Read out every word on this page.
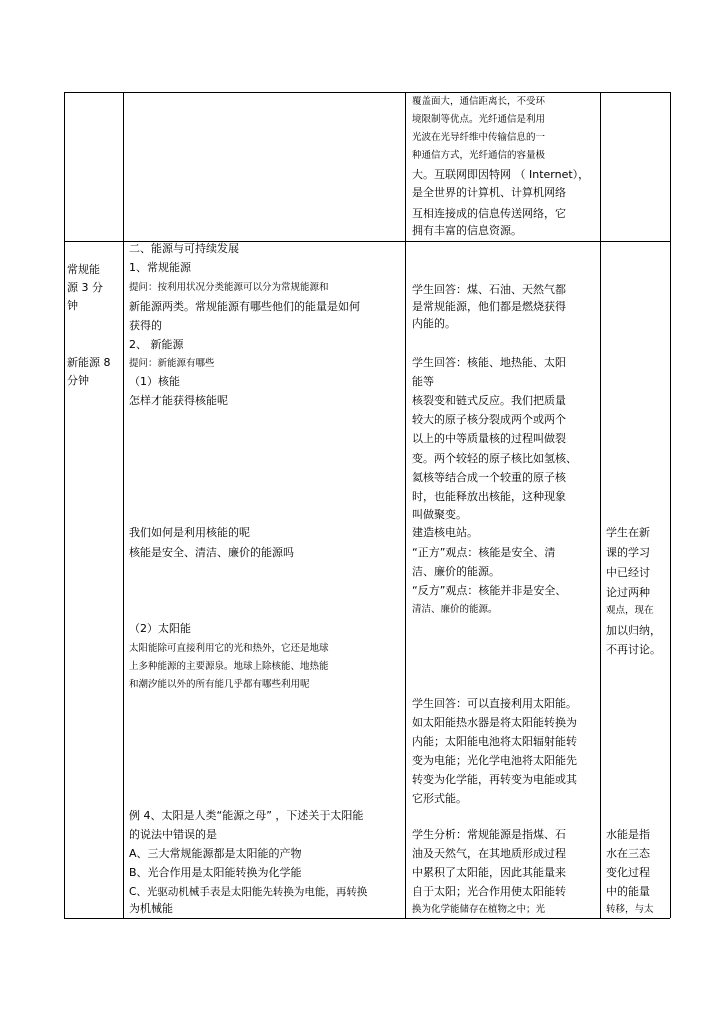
覆盖面大，通信距离长，不受环
境限制等优点。光纤通信是利用
光波在光导纤维中传输信息的一
种通信方式，光纤通信的容量极
大。互联网即因特网 （ Internet），
是全世界的计算机、计算机网络
互相连接成的信息传送网络，它
拥有丰富的信息资源。
常规能
源 3 分
钟
新能源 8
分钟
二、能源与可持续发展
1、常规能源
提问：按利用状况分类能源可以分为常规能源和
新能源两类。常规能源有哪些他们的能量是如何
获得的
2、 新能源
提问：新能源有哪些
（1）核能
怎样才能获得核能呢
我们如何是利用核能的呢
核能是安全、清洁、廉价的能源吗
（2）太阳能
太阳能除可直接利用它的光和热外，它还是地球
上多种能源的主要源泉。地球上除核能、地热能
和潮汐能以外的所有能几乎都有哪些利用呢
例 4、太阳是人类“能源之母” ，下述关于太阳能
的说法中错误的是
A、三大常规能源都是太阳能的产物
B、光合作用是太阳能转换为化学能
C、光驱动机械手表是太阳能先转换为电能，再转换
为机械能
学生回答：煤、石油、天然气都
是常规能源，他们都是燃烧获得
内能的。
学生回答：核能、地热能、太阳
能等
核裂变和链式反应。我们把质量
较大的原子核分裂成两个或两个
以上的中等质量核的过程叫做裂
变。两个较轻的原子核比如氢核、
氦核等结合成一个较重的原子核
时，也能释放出核能，这种现象
叫做聚变。
建造核电站。
“正方”观点：核能是安全、清
洁、廉价的能源。
“反方”观点：核能并非是安全、
清洁、廉价的能源。
学生回答：可以直接利用太阳能。
如太阳能热水器是将太阳能转换为
内能；太阳能电池将太阳辐射能转
变为电能；光化学电池将太阳能先
转变为化学能，再转变为电能或其
它形式能。
学生分析：常规能源是指煤、石
油及天然气，在其地质形成过程
中累积了太阳能，因此其能量来
自于太阳；光合作用使太阳能转
换为化学能储存在植物之中；光
学生在新
课的学习
中已经讨
论过两种
观点，现在
加以归纳，
不再讨论。
水能是指
水在三态
变化过程
中的能量
转移，与太
